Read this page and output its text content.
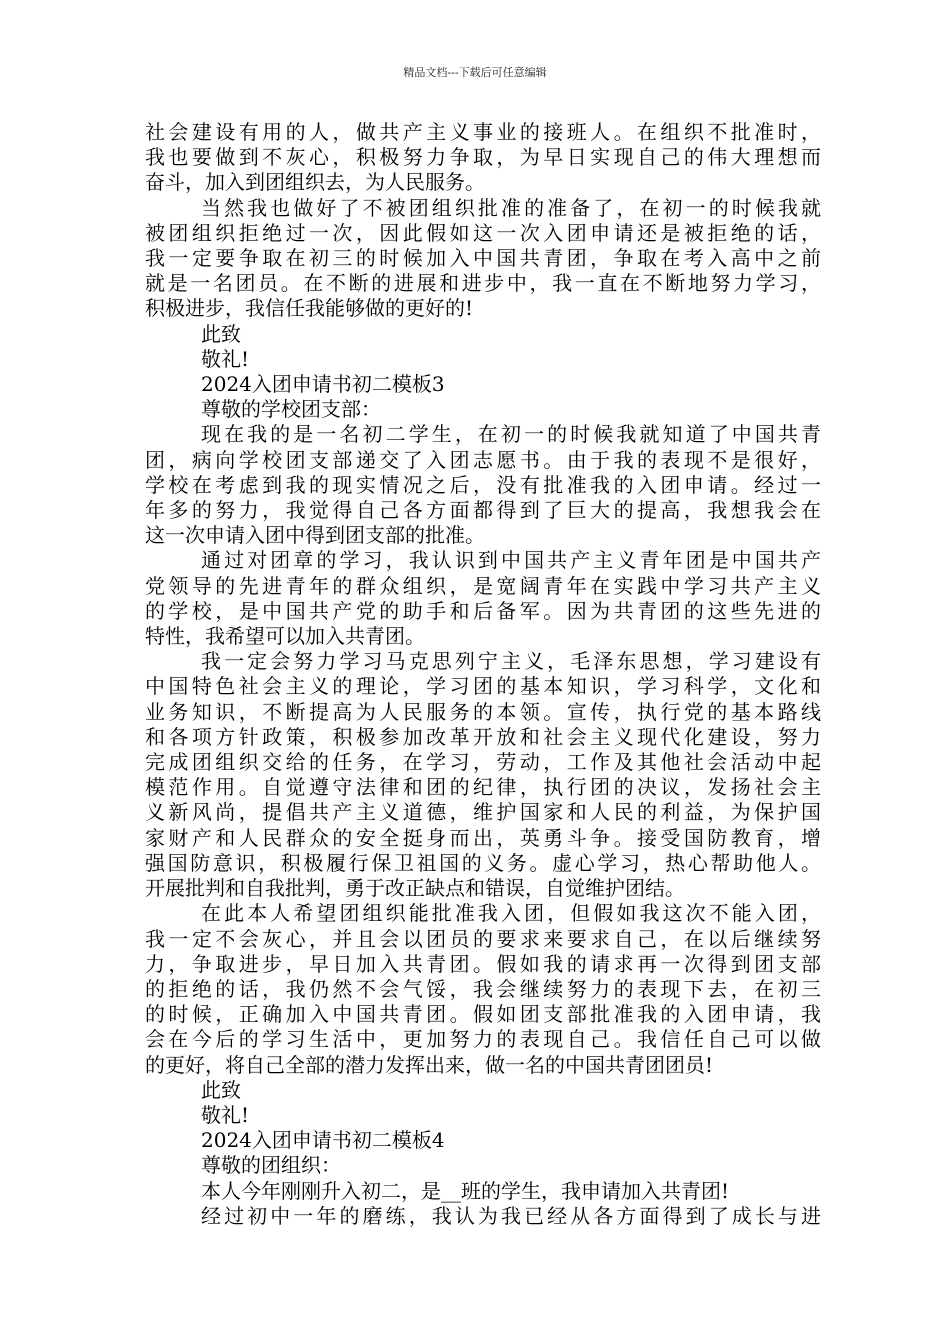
精品文档---下载后可任意编辑
社会建设有用的人，做共产主义事业的接班人。在组织不批准时，
我也要做到不灰心，积极努力争取，为早日实现自己的伟大理想而
奋斗，加入到团组织去，为人民服务。
当然我也做好了不被团组织批准的准备了，在初一的时候我就
被团组织拒绝过一次，因此假如这一次入团申请还是被拒绝的话，
我一定要争取在初三的时候加入中国共青团，争取在考入高中之前
就是一名团员。在不断的进展和进步中，我一直在不断地努力学习，
积极进步，我信任我能够做的更好的!
此致
敬礼!
2024入团申请书初二模板3
尊敬的学校团支部：
现在我的是一名初二学生，在初一的时候我就知道了中国共青
团，病向学校团支部递交了入团志愿书。由于我的表现不是很好，
学校在考虑到我的现实情况之后，没有批准我的入团申请。经过一
年多的努力，我觉得自己各方面都得到了巨大的提高，我想我会在
这一次申请入团中得到团支部的批准。
通过对团章的学习，我认识到中国共产主义青年团是中国共产
党领导的先进青年的群众组织，是宽阔青年在实践中学习共产主义
的学校，是中国共产党的助手和后备军。因为共青团的这些先进的
特性，我希望可以加入共青团。
我一定会努力学习马克思列宁主义，毛泽东思想，学习建设有
中国特色社会主义的理论，学习团的基本知识，学习科学，文化和
业务知识，不断提高为人民服务的本领。宣传，执行党的基本路线
和各项方针政策，积极参加改革开放和社会主义现代化建设，努力
完成团组织交给的任务，在学习，劳动，工作及其他社会活动中起
模范作用。自觉遵守法律和团的纪律，执行团的决议，发扬社会主
义新风尚，提倡共产主义道德，维护国家和人民的利益，为保护国
家财产和人民群众的安全挺身而出，英勇斗争。接受国防教育，增
强国防意识，积极履行保卫祖国的义务。虚心学习，热心帮助他人。
开展批判和自我批判，勇于改正缺点和错误，自觉维护团结。
在此本人希望团组织能批准我入团，但假如我这次不能入团，
我一定不会灰心，并且会以团员的要求来要求自己，在以后继续努
力，争取进步，早日加入共青团。假如我的请求再一次得到团支部
的拒绝的话，我仍然不会气馁，我会继续努力的表现下去，在初三
的时候，正确加入中国共青团。假如团支部批准我的入团申请，我
会在今后的学习生活中，更加努力的表现自己。我信任自己可以做
的更好，将自己全部的潜力发挥出来，做一名的中国共青团团员!
此致
敬礼!
2024入团申请书初二模板4
尊敬的团组织：
本人今年刚刚升入初二，是__班的学生，我申请加入共青团!
经过初中一年的磨练，我认为我已经从各方面得到了成长与进
